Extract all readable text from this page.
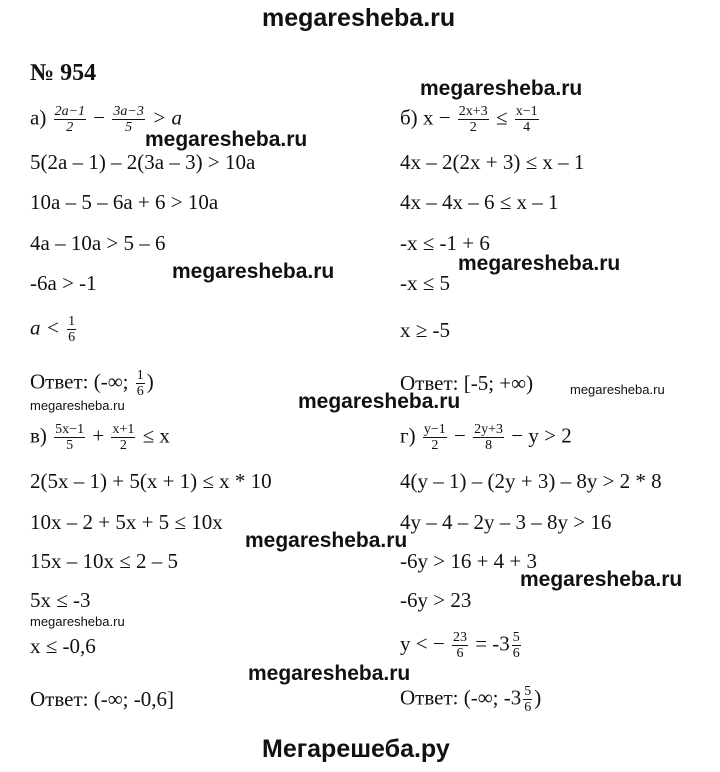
megaresheba.ru
№ 954
$а) \frac{2a-1}{2} - \frac{3a-3}{5} > a$
5(2a – 1) – 2(3a – 3) > 10a
10a – 5 – 6a + 6 > 10a
4a – 10a > 5 – 6
-6a > -1
$a < \frac{1}{6}$
Ответ: (-∞; $\frac{1}{6}$ )
б) $x - \frac{2x+3}{2} \le \frac{x-1}{4}$
4x – 2(2x + 3) ≤ x – 1
4x – 4x – 6 ≤ x – 1
-x ≤ -1 + 6
-x ≤ 5
x ≥ -5
Ответ: [-5; +∞)
$в) \frac{5x-1}{5} + \frac{x+1}{2} \le x$
2(5x – 1) + 5(x + 1) ≤ x * 10
10x – 2 + 5x + 5 ≤ 10x
15x – 10x ≤ 2 – 5
5x ≤ -3
x ≤ -0,6
Ответ: (-∞; -0,6]
$г) \frac{y-1}{2} - \frac{2y+3}{8} - y > 2$
4(y – 1) – (2y + 3) – 8y > 2 * 8
4y – 4 – 2y – 3 – 8y > 16
-6y > 16 + 4 + 3
-6y > 23
y < − $\frac{23}{6} = -3 \frac{5}{6}$
Ответ: (-∞; $-3 \frac{5}{6}$ )
megaresheba.ru
megaresheba.ru
megaresheba.ru	megaresheba.ru
megaresheba.ru
megaresheba.ru
megaresheba.ru
megaresheba.ru
megaresheba.ru
megaresheba.ru
megaresheba.ru
Мегарешеба.ру
